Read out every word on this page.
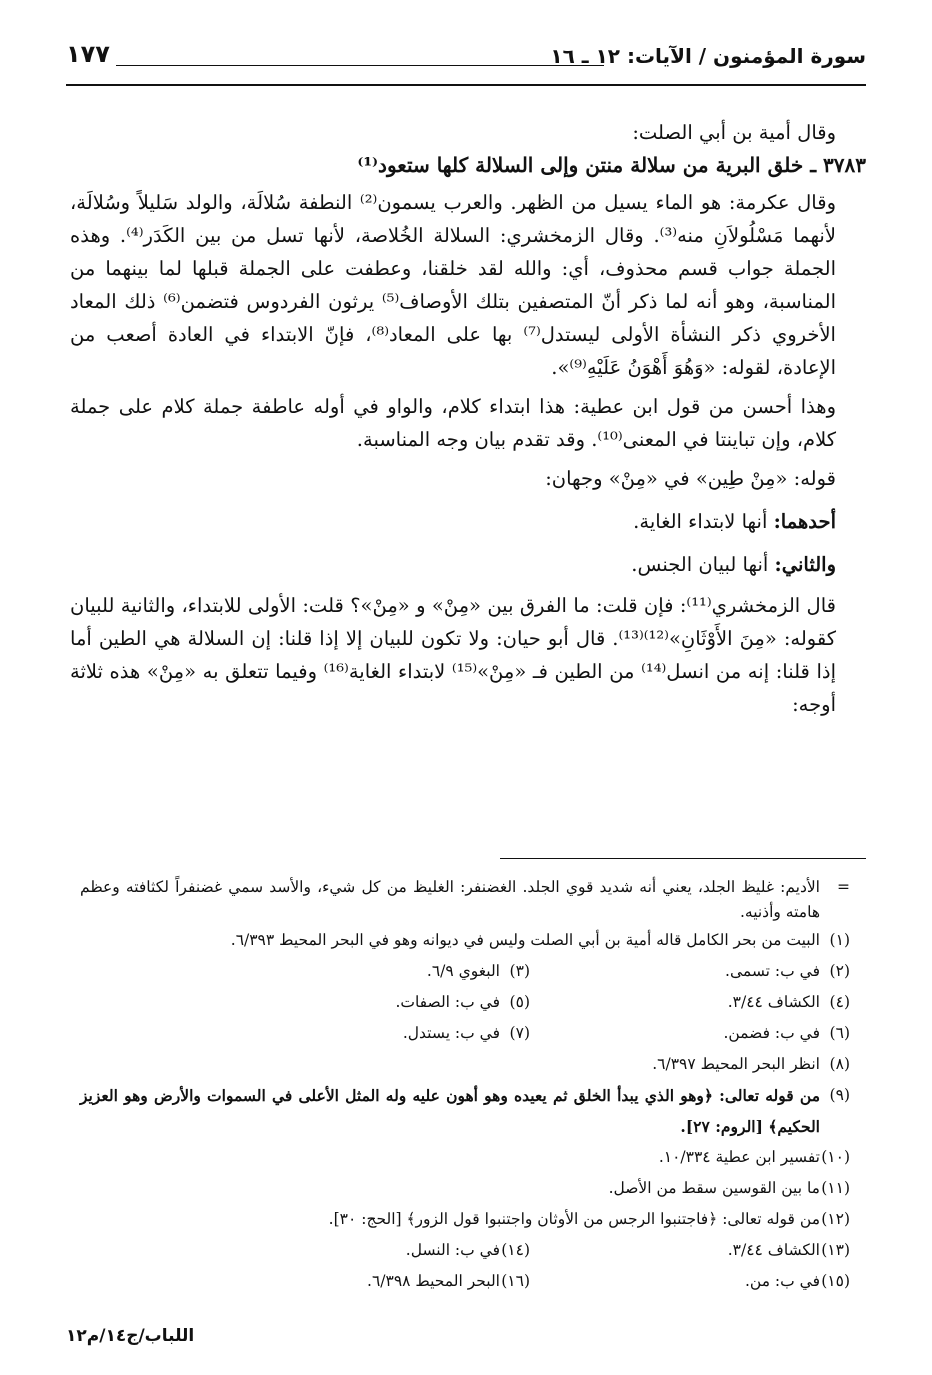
سورة المؤمنون / الآيات: ١٢ ـ ١٦
١٧٧

وقال أمية بن أبي الصلت:

٣٧٨٣ ـ خلق البرية من سلالة منتن وإلى السلالة كلها ستعود⁽¹⁾

وقال عكرمة: هو الماء يسيل من الظهر. والعرب يسمون⁽²⁾ النطفة سُلالَة، والولد سَليلاً وسُلالَة، لأنهما مَسْلُولاَنِ منه⁽³⁾. وقال الزمخشري: السلالة الخُلاصة، لأنها تسل من بين الكَدَر⁽⁴⁾. وهذه الجملة جواب قسم محذوف، أي: والله لقد خلقنا، وعطفت على الجملة قبلها لما بينهما من المناسبة، وهو أنه لما ذكر أنّ المتصفين بتلك الأوصاف⁽⁵⁾ يرثون الفردوس فتضمن⁽⁶⁾ ذلك المعاد الأخروي ذكر النشأة الأولى ليستدل⁽⁷⁾ بها على المعاد⁽⁸⁾، فإنّ الابتداء في العادة أصعب من الإعادة، لقوله: «وَهُوَ أَهْوَنُ عَلَيْهِ⁽⁹⁾».

وهذا أحسن من قول ابن عطية: هذا ابتداء كلام، والواو في أوله عاطفة جملة كلام على جملة كلام، وإن تباينتا في المعنى⁽¹⁰⁾. وقد تقدم بيان وجه المناسبة.

قوله: «مِنْ طِين» في «مِنْ» وجهان:

أحدهما: أنها لابتداء الغاية.

والثاني: أنها لبيان الجنس.

قال الزمخشري⁽¹¹⁾: فإن قلت: ما الفرق بين «مِنْ» و «مِنْ»؟ قلت: الأولى للابتداء، والثانية للبيان كقوله: «مِنَ الأَوْثَانِ»⁽¹²⁾⁽¹³⁾. قال أبو حيان: ولا تكون للبيان إلا إذا قلنا: إن السلالة هي الطين أما إذا قلنا: إنه من انسل⁽¹⁴⁾ من الطين فـ «مِنْ»⁽¹⁵⁾ لابتداء الغاية⁽¹⁶⁾ وفيما تتعلق به «مِنْ» هذه ثلاثة أوجه:

=
الأديم: غليظ الجلد، يعني أنه شديد قوي الجلد. الغضنفر: الغليظ من كل شيء، والأسد سمي غضنفراً لكثافته وعظم هامته وأذنيه.
(١)
البيت من بحر الكامل قاله أمية بن أبي الصلت وليس في ديوانه وهو في البحر المحيط ٦/٣٩٣.
(٢)
في ب: تسمى.
(٣)
البغوي ٦/٩.
(٤)
الكشاف ٣/٤٤.
(٥)
في ب: الصفات.
(٦)
في ب: فضمن.
(٧)
في ب: يستدل.
(٨)
انظر البحر المحيط ٦/٣٩٧.
(٩)
من قوله تعالى: ﴿وهو الذي يبدأ الخلق ثم يعيده وهو أهون عليه وله المثل الأعلى في السموات والأرض وهو العزيز الحكيم﴾ [الروم: ٢٧].
(١٠)
تفسير ابن عطية ١٠/٣٣٤.
(١١)
ما بين القوسين سقط من الأصل.
(١٢)
من قوله تعالى: ﴿فاجتنبوا الرجس من الأوثان واجتنبوا قول الزور﴾ [الحج: ٣٠].
(١٣)
الكشاف ٣/٤٤.
(١٤)
في ب: النسل.
(١٥)
في ب: من.
(١٦)
البحر المحيط ٦/٣٩٨.
اللباب/ج١٤/م١٢
